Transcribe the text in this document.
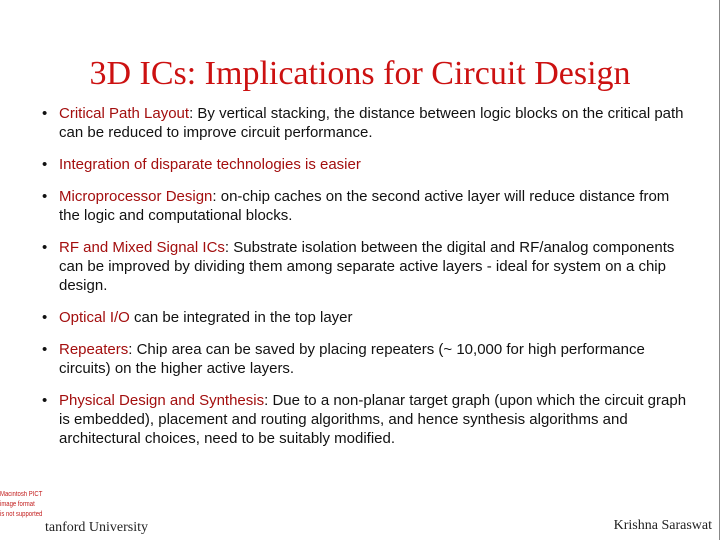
3D ICs: Implications for Circuit Design
• Critical Path Layout: By vertical stacking, the distance between logic blocks on the critical path can be reduced to improve circuit performance.
• Integration of disparate technologies is easier
• Microprocessor Design: on-chip caches on the second active layer will reduce distance from the logic and computational blocks.
• RF and Mixed Signal ICs: Substrate isolation between the digital and RF/analog components can be improved by dividing them among separate active layers - ideal for system on a chip design.
• Optical I/O can be integrated in the top layer
• Repeaters: Chip area can be saved by placing repeaters (~ 10,000 for high performance circuits) on the higher active layers.
• Physical Design and Synthesis: Due to a non-planar target graph (upon which the circuit graph is embedded), placement and routing algorithms, and hence synthesis algorithms and architectural choices, need to be suitably modified.
Macintosh PICT
image format
is not supported
tanford University	Krishna Saraswat
